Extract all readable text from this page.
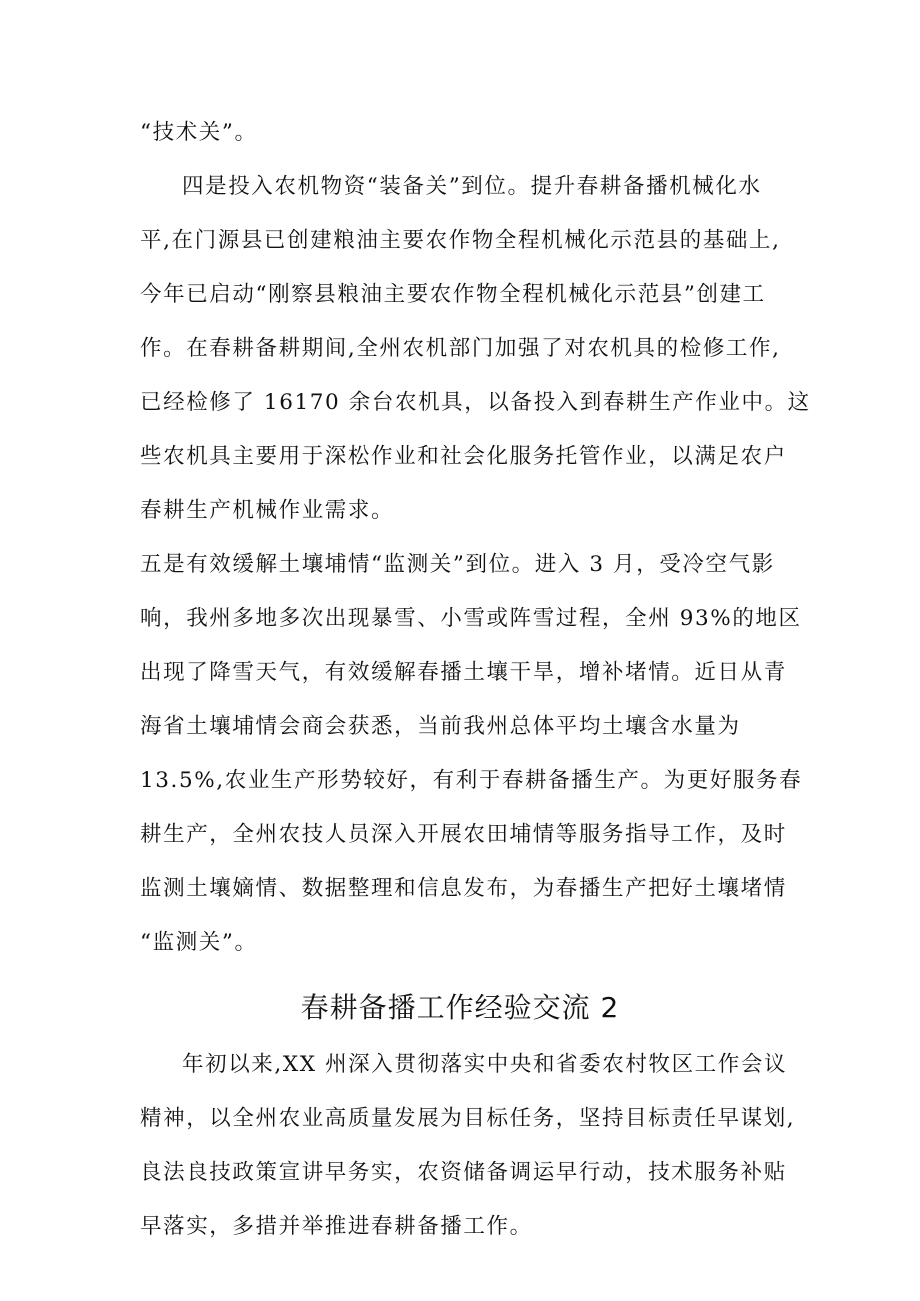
“技术关”。
四是投入农机物资“装备关”到位。提升春耕备播机械化水
平,在门源县已创建粮油主要农作物全程机械化示范县的基础上,
今年已启动“刚察县粮油主要农作物全程机械化示范县”创建工
作。在春耕备耕期间,全州农机部门加强了对农机具的检修工作,
已经检修了 16170 余台农机具，以备投入到春耕生产作业中。这
些农机具主要用于深松作业和社会化服务托管作业，以满足农户
春耕生产机械作业需求。
五是有效缓解土壤埔情“监测关”到位。进入 3 月，受冷空气影
响，我州多地多次出现暴雪、小雪或阵雪过程，全州 93%的地区
出现了降雪天气，有效缓解春播土壤干旱，增补堵情。近日从青
海省土壤埔情会商会获悉，当前我州总体平均土壤含水量为
13.5%,农业生产形势较好，有利于春耕备播生产。为更好服务春
耕生产，全州农技人员深入开展农田埔情等服务指导工作，及时
监测土壤嫡情、数据整理和信息发布，为春播生产把好土壤堵情
“监测关”。
春耕备播工作经验交流 2
年初以来,XX 州深入贯彻落实中央和省委农村牧区工作会议
精神，以全州农业高质量发展为目标任务，坚持目标责任早谋划,
良法良技政策宣讲早务实，农资储备调运早行动，技术服务补贴
早落实，多措并举推进春耕备播工作。
